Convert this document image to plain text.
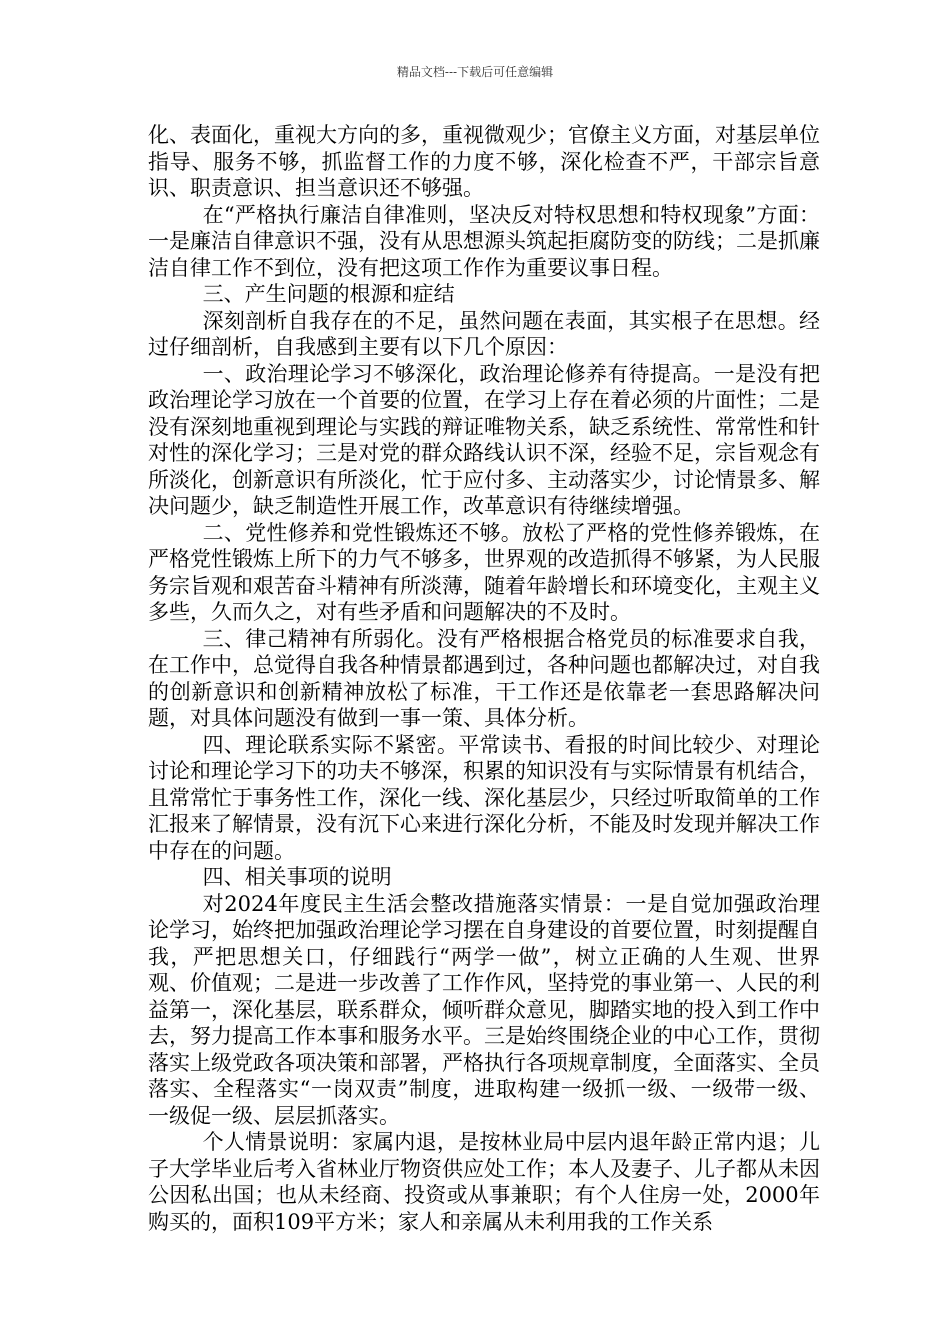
精品文档---下载后可任意编辑

化、表面化，重视大方向的多，重视微观少；官僚主义方面，对基层单位指导、服务不够，抓监督工作的力度不够，深化检查不严，干部宗旨意识、职责意识、担当意识还不够强。

在“严格执行廉洁自律准则，坚决反对特权思想和特权现象”方面：一是廉洁自律意识不强，没有从思想源头筑起拒腐防变的防线；二是抓廉洁自律工作不到位，没有把这项工作作为重要议事日程。

三、产生问题的根源和症结

深刻剖析自我存在的不足，虽然问题在表面，其实根子在思想。经过仔细剖析，自我感到主要有以下几个原因：

一、政治理论学习不够深化，政治理论修养有待提高。一是没有把政治理论学习放在一个首要的位置，在学习上存在着必须的片面性；二是没有深刻地重视到理论与实践的辩证唯物关系，缺乏系统性、常常性和针对性的深化学习；三是对党的群众路线认识不深，经验不足，宗旨观念有所淡化，创新意识有所淡化，忙于应付多、主动落实少，讨论情景多、解决问题少，缺乏制造性开展工作，改革意识有待继续增强。

二、党性修养和党性锻炼还不够。放松了严格的党性修养锻炼，在严格党性锻炼上所下的力气不够多，世界观的改造抓得不够紧，为人民服务宗旨观和艰苦奋斗精神有所淡薄，随着年龄增长和环境变化，主观主义多些，久而久之，对有些矛盾和问题解决的不及时。

三、律己精神有所弱化。没有严格根据合格党员的标准要求自我，在工作中，总觉得自我各种情景都遇到过，各种问题也都解决过，对自我的创新意识和创新精神放松了标准，干工作还是依靠老一套思路解决问题，对具体问题没有做到一事一策、具体分析。

四、理论联系实际不紧密。平常读书、看报的时间比较少、对理论讨论和理论学习下的功夫不够深，积累的知识没有与实际情景有机结合，且常常忙于事务性工作，深化一线、深化基层少，只经过听取简单的工作汇报来了解情景，没有沉下心来进行深化分析，不能及时发现并解决工作中存在的问题。

四、相关事项的说明

对2024年度民主生活会整改措施落实情景：一是自觉加强政治理论学习，始终把加强政治理论学习摆在自身建设的首要位置，时刻提醒自我，严把思想关口，仔细践行“两学一做”，树立正确的人生观、世界观、价值观；二是进一步改善了工作作风，坚持党的事业第一、人民的利益第一，深化基层，联系群众，倾听群众意见，脚踏实地的投入到工作中去，努力提高工作本事和服务水平。三是始终围绕企业的中心工作，贯彻落实上级党政各项决策和部署，严格执行各项规章制度，全面落实、全员落实、全程落实“一岗双责”制度，进取构建一级抓一级、一级带一级、一级促一级、层层抓落实。

个人情景说明：家属内退，是按林业局中层内退年龄正常内退；儿子大学毕业后考入省林业厅物资供应处工作；本人及妻子、儿子都从未因公因私出国；也从未经商、投资或从事兼职；有个人住房一处，2000年购买的，面积109平方米；家人和亲属从未利用我的工作关系
